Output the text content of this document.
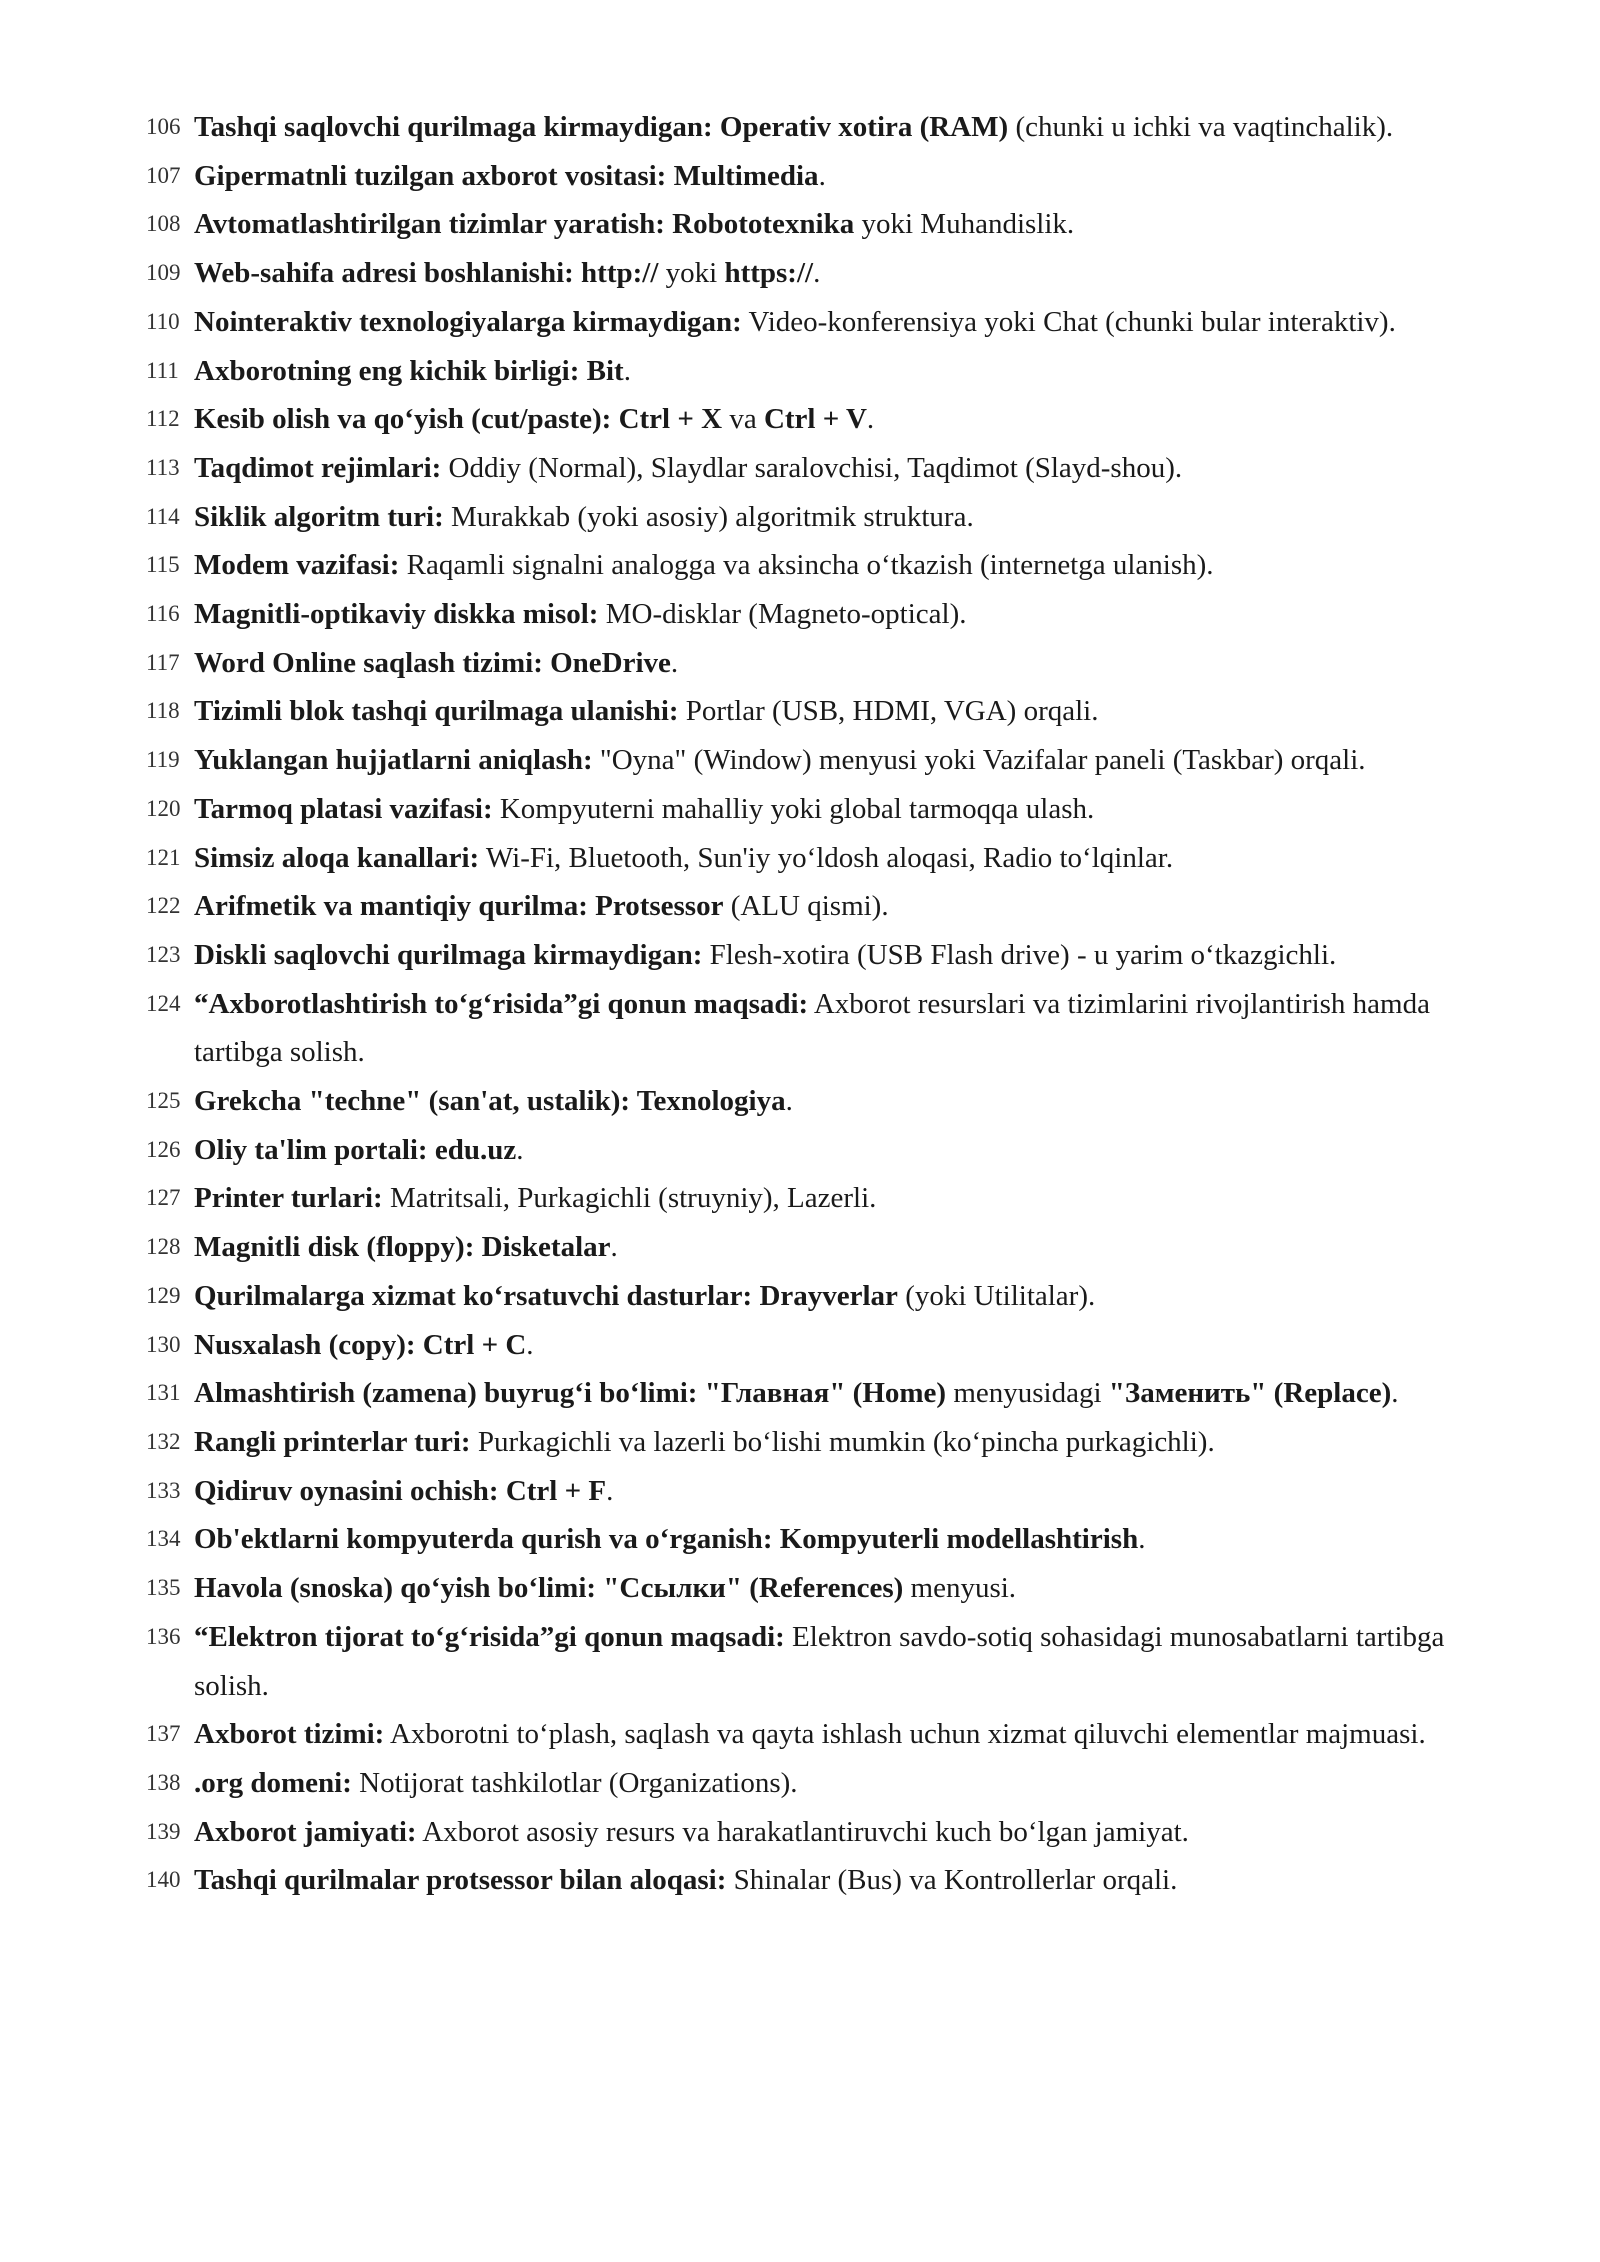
106 Tashqi saqlovchi qurilmaga kirmaydigan: Operativ xotira (RAM) (chunki u ichki va vaqtinchalik).
107 Gipermatnli tuzilgan axborot vositasi: Multimedia.
108 Avtomatlashtirilgan tizimlar yaratish: Robototexnika yoki Muhandislik.
109 Web-sahifa adresi boshlanishi: http:// yoki https://.
110 Nointeraktiv texnologiyalarga kirmaydigan: Video-konferensiya yoki Chat (chunki bular interaktiv).
111 Axborotning eng kichik birligi: Bit.
112 Kesib olish va qo‘yish (cut/paste): Ctrl + X va Ctrl + V.
113 Taqdimot rejimlari: Oddiy (Normal), Slaydlar saralovchisi, Taqdimot (Slayd-shou).
114 Siklik algoritm turi: Murakkab (yoki asosiy) algoritmik struktura.
115 Modem vazifasi: Raqamli signalni analogga va aksincha o‘tkazish (internetga ulanish).
116 Magnitli-optikaviy diskka misol: MO-disklar (Magneto-optical).
117 Word Online saqlash tizimi: OneDrive.
118 Tizimli blok tashqi qurilmaga ulanishi: Portlar (USB, HDMI, VGA) orqali.
119 Yuklangan hujjatlarni aniqlash: "Oyna" (Window) menyusi yoki Vazifalar paneli (Taskbar) orqali.
120 Tarmoq platasi vazifasi: Kompyuterni mahalliy yoki global tarmoqqa ulash.
121 Simsiz aloqa kanallari: Wi-Fi, Bluetooth, Sun'iy yo‘ldosh aloqasi, Radio to‘lqinlar.
122 Arifmetik va mantiqiy qurilma: Protsessor (ALU qismi).
123 Diskli saqlovchi qurilmaga kirmaydigan: Flesh-xotira (USB Flash drive) - u yarim o‘tkazgichli.
124 “Axborotlashtirish to‘g‘risida”gi qonun maqsadi: Axborot resurslari va tizimlarini rivojlantirish hamda tartibga solish.
125 Grekcha "techne" (san'at, ustalik): Texnologiya.
126 Oliy ta'lim portali: edu.uz.
127 Printer turlari: Matritsali, Purkagichli (struyniy), Lazerli.
128 Magnitli disk (floppy): Disketalar.
129 Qurilmalarga xizmat ko‘rsatuvchi dasturlar: Drayverlar (yoki Utilitalar).
130 Nusxalash (copy): Ctrl + C.
131 Almashtirish (zamena) buyrug‘i bo‘limi: "Главная" (Home) menyusidagi "Заменить" (Replace).
132 Rangli printerlar turi: Purkagichli va lazerli bo‘lishi mumkin (ko‘pincha purkagichli).
133 Qidiruv oynasini ochish: Ctrl + F.
134 Ob'ektlarni kompyuterda qurish va o‘rganish: Kompyuterli modellashtirish.
135 Havola (snoska) qo‘yish bo‘limi: "Ссылки" (References) menyusi.
136 “Elektron tijorat to‘g‘risida”gi qonun maqsadi: Elektron savdo-sotiq sohasidagi munosabatlarni tartibga solish.
137 Axborot tizimi: Axborotni to‘plash, saqlash va qayta ishlash uchun xizmat qiluvchi elementlar majmuasi.
138 .org domeni: Notijorat tashkilotlar (Organizations).
139 Axborot jamiyati: Axborot asosiy resurs va harakatlantiruvchi kuch bo‘lgan jamiyat.
140 Tashqi qurilmalar protsessor bilan aloqasi: Shinalar (Bus) va Kontrollerlar orqali.
